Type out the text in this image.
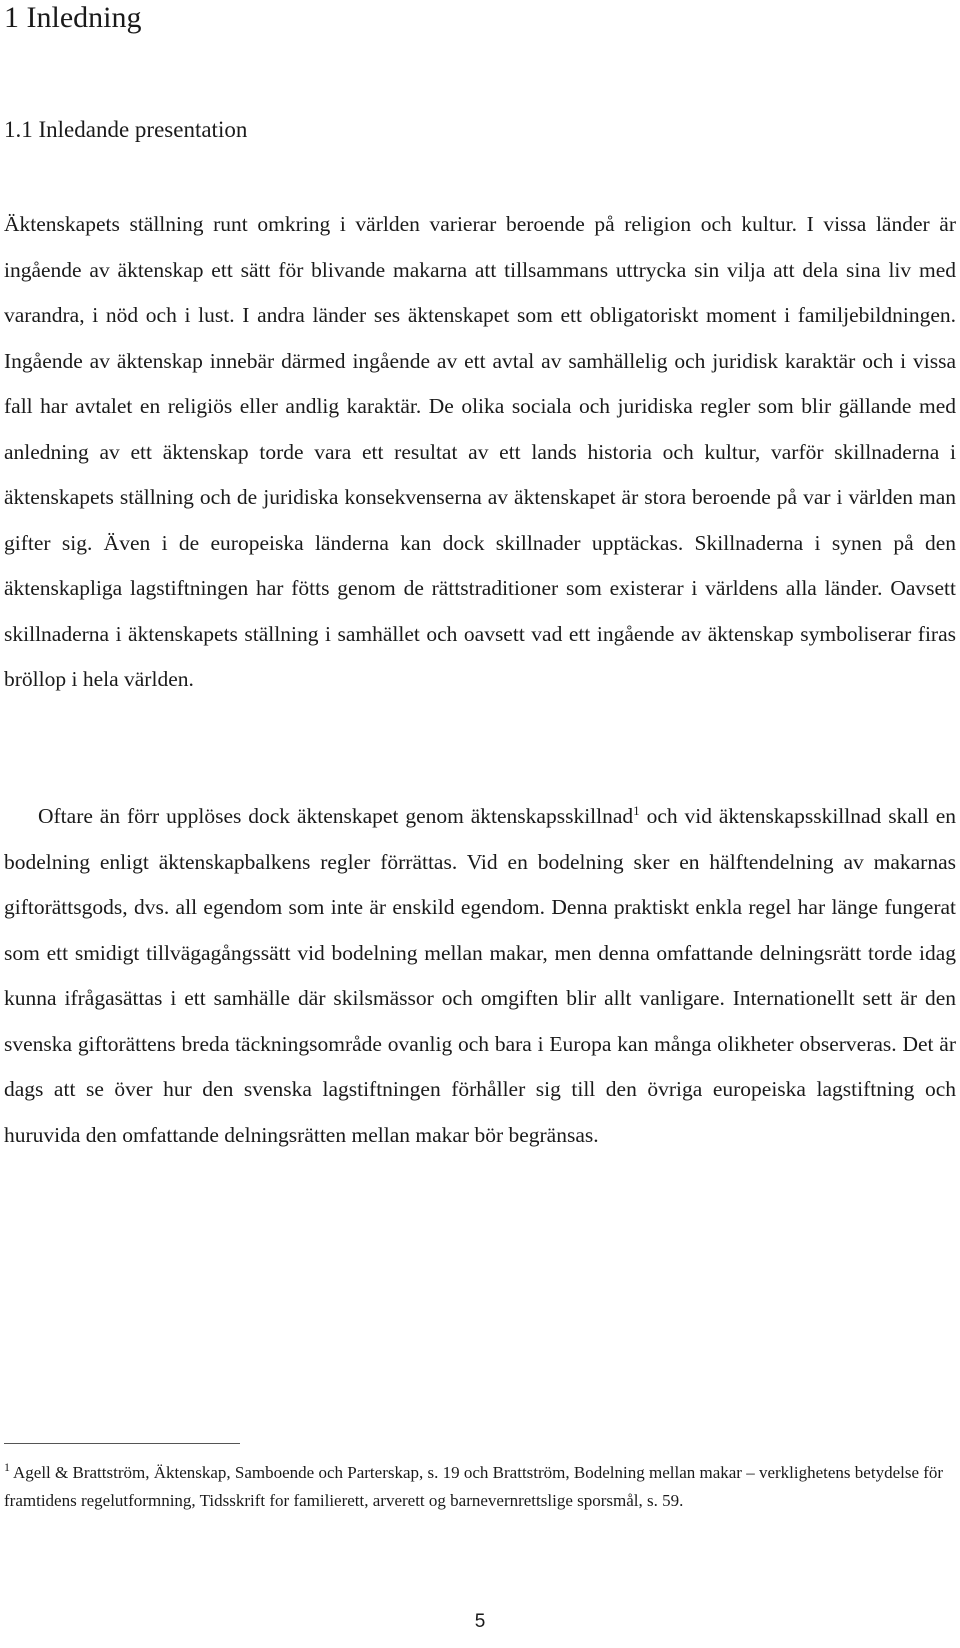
1 Inledning
1.1 Inledande presentation

Äktenskapets ställning runt omkring i världen varierar beroende på religion och kultur. I vissa länder är ingående av äktenskap ett sätt för blivande makarna att tillsammans uttrycka sin vilja att dela sina liv med varandra, i nöd och i lust. I andra länder ses äktenskapet som ett obligatoriskt moment i familjebildningen. Ingående av äktenskap innebär därmed ingående av ett avtal av samhällelig och juridisk karaktär och i vissa fall har avtalet en religiös eller andlig karaktär. De olika sociala och juridiska regler som blir gällande med anledning av ett äktenskap torde vara ett resultat av ett lands historia och kultur, varför skillnaderna i äktenskapets ställning och de juridiska konsekvenserna av äktenskapet är stora beroende på var i världen man gifter sig. Även i de europeiska länderna kan dock skillnader upptäckas. Skillnaderna i synen på den äktenskapliga lagstiftningen har fötts genom de rättstraditioner som existerar i världens alla länder. Oavsett skillnaderna i äktenskapets ställning i samhället och oavsett vad ett ingående av äktenskap symboliserar firas bröllop i hela världen.

Oftare än förr upplöses dock äktenskapet genom äktenskapsskillnad$^1$ och vid äktenskapsskillnad skall en bodelning enligt äktenskapbalkens regler förrättas. Vid en bodelning sker en hälftendelning av makarnas giftorättsgods, dvs. all egendom som inte är enskild egendom. Denna praktiskt enkla regel har länge fungerat som ett smidigt tillvägagångssätt vid bodelning mellan makar, men denna omfattande delningsrätt torde idag kunna ifrågasättas i ett samhälle där skilsmässor och omgiften blir allt vanligare. Internationellt sett är den svenska giftorättens breda täckningsområde ovanlig och bara i Europa kan många olikheter observeras. Det är dags att se över hur den svenska lagstiftningen förhåller sig till den övriga europeiska lagstiftning och huruvida den omfattande delningsrätten mellan makar bör begränsas.

$^1$ Agell & Brattström, Äktenskap, Samboende och Parterskap, s. 19 och Brattström, Bodelning mellan makar – verklighetens betydelse för framtidens regelutformning, Tidsskrift for familierett, arverett og barnevernrettslige sporsmål, s. 59.

5
